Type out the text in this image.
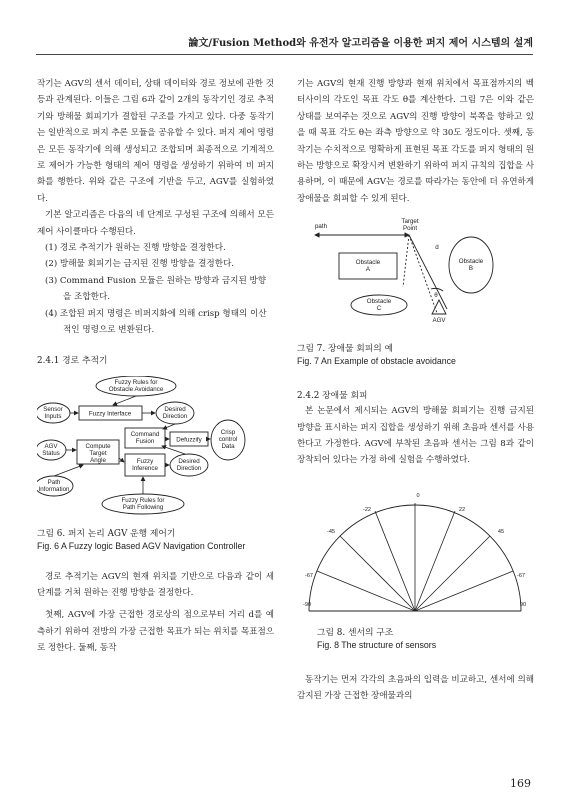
論文/Fusion Method와 유전자 알고리즘을 이용한 퍼지 제어 시스템의 설계

작기는 AGV의 센서 데이터, 상태 데이터와 경로 정보에 관한 것 등과 관계된다. 이들은 그림 6과 같이 2개의 동작기인 경로 추적기와 방해물 회피기가 결합된 구조를 가지고 있다. 다중 동작기는 일반적으로 퍼지 추론 모듈을 공유할 수 있다. 퍼지 제어 명령은 모든 동작기에 의해 생성되고 조합되며 최종적으로 기계적으로 제어가 가능한 형태의 제어 명령을 생성하기 위하여 비 퍼지화를 행한다. 위와 같은 구조에 기반을 두고, AGV를 실험하였다.

기본 알고리즘은 다음의 네 단계로 구성된 구조에 의해서 모든 제어 사이클마다 수행된다.

(1) 경로 추적기가 원하는 진행 방향을 결정한다.
(2) 방해물 회피기는 금지된 진행 방향을 결정한다.
(3) Command Fusion 모듈은 원하는 방향과 금지된 방향을 조합한다.
(4) 조합된 퍼지 명령은 비퍼지화에 의해 crisp 형태의 이산적인 명령으로 변환된다.
2.4.1 경로 추적기
Fuzzy Rules for
Obstacle Avoidance
Sensor
Inputs	Fuzzy Interface
Desired
Direction
Command
Fusion	Defuzzify
Crisp
control
Data
AGV
Status
Compute
Target
Angle	Fuzzy
Inference
Desired
Direction
Path
Information
Fuzzy Rules for
Path Following

그림 6. 퍼지 논리 AGV 운행 제어기

Fig. 6 A Fuzzy logic Based AGV Navigation Controller

경로 추적기는 AGV의 현재 위치를 기반으로 다음과 같이 세 단계를 거쳐 원하는 진행 방향을 결정한다.

첫째, AGV에 가장 근접한 경로상의 점으로부터 거리 d를 예측하기 위하여 전방의 가장 근접한 목표가 되는 위치를 목표점으로 정한다. 둘째, 동작

기는 AGV의 현재 진행 방향과 현재 위치에서 목표점까지의 벡터사이의 각도인 목표 각도 θ를 계산한다. 그림 7은 이와 같은 상태를 보여주는 것으로 AGV의 진행 방향이 북쪽을 향하고 있을 때 목표 각도 θ는 좌측 방향으로 약 30도 정도이다. 셋째, 동작기는 수치적으로 명확하게 표현된 목표 각도를 퍼지 형태의 원하는 방향으로 확장시켜 변환하기 위하여 퍼지 규칙의 집합을 사용하며, 이 때문에 AGV는 경로를 따라가는 동안에 더 유연하게 장애물을 회피할 수 있게 된다.

path
Target
Point
d
Obstacle
A
Obstacle
B
Obstacle
C
θ
AGV

그림 7. 장애물 회피의 예

Fig. 7 An Example of obstacle avoidance

2.4.2 장애물 회피

본 논문에서 제시되는 AGV의 방해물 회피기는 진행 금지된 방향을 표시하는 퍼지 집합을 생성하기 위해 초음파 센서를 사용한다고 가정한다. AGV에 부착된 초음파 센서는 그림 8과 같이 장착되어 있다는 가정 하에 실험을 수행하였다.

0
-22	22
-45	45
-67	-67
-90	90

그림 8. 센서의 구조

Fig. 8 The structure of sensors

동작기는 먼저 각각의 초음파의 입력을 비교하고, 센서에 의해 감지된 가장 근접한 장애물과의

169
